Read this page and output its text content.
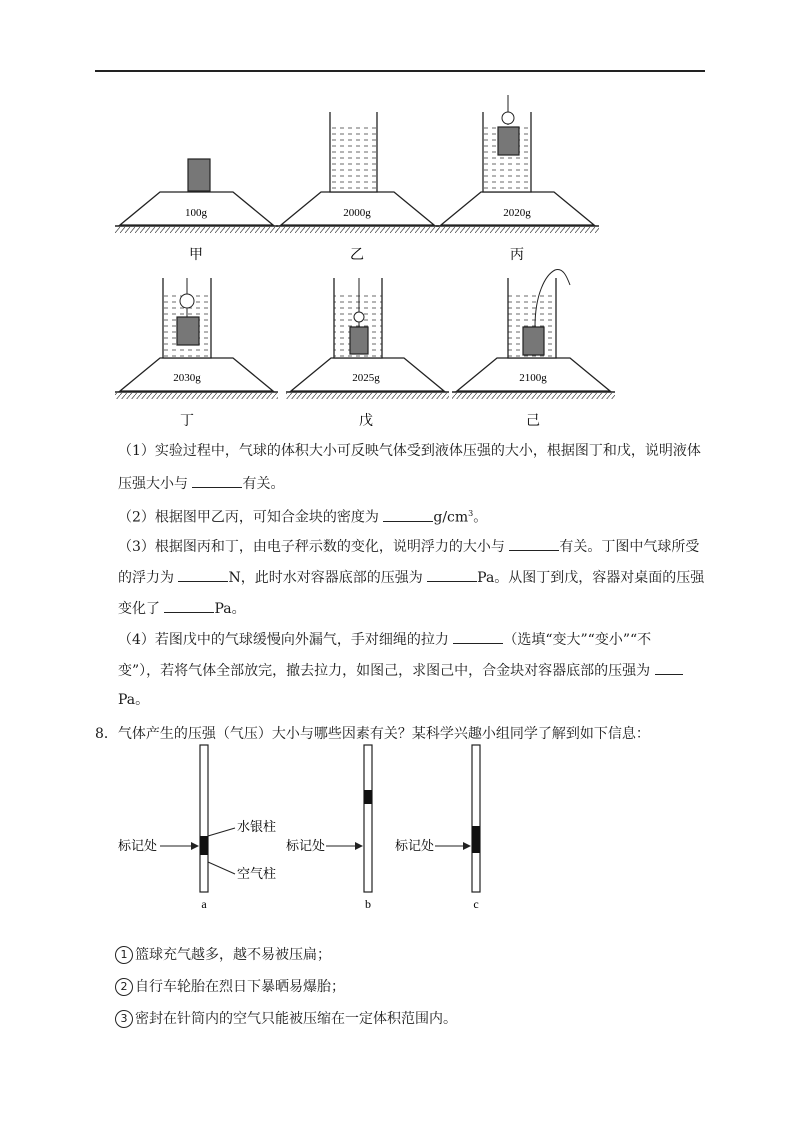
100g
甲
2000g
乙
2020g
丙
2030g
丁
2025g
戊
2100g
己
（1）实验过程中，气球的体积大小可反映气体受到液体压强的大小，根据图丁和戊，说明液体
压强大小与	有关。
（2）根据图甲乙丙，可知合金块的密度为	$g/cm^3$。
（3）根据图丙和丁，由电子秤示数的变化，说明浮力的大小与	有关。丁图中气球所受
的浮力为	N，此时水对容器底部的压强为	Pa。从图丁到戊，容器对桌面的压强
变化了	Pa。
（4）若图戊中的气球缓慢向外漏气，手对细绳的拉力	（选填“变大”“变小”“不
变”），若将气体全部放完，撤去拉力，如图己，求图己中，合金块对容器底部的压强为
Pa。
8．气体产生的压强（气压）大小与哪些因素有关？某科学兴趣小组同学了解到如下信息：
标记处
水银柱
空气柱
a
标记处
b
标记处
c
1 篮球充气越多，越不易被压扁；
2 自行车轮胎在烈日下暴晒易爆胎；
3 密封在针筒内的空气只能被压缩在一定体积范围内。
